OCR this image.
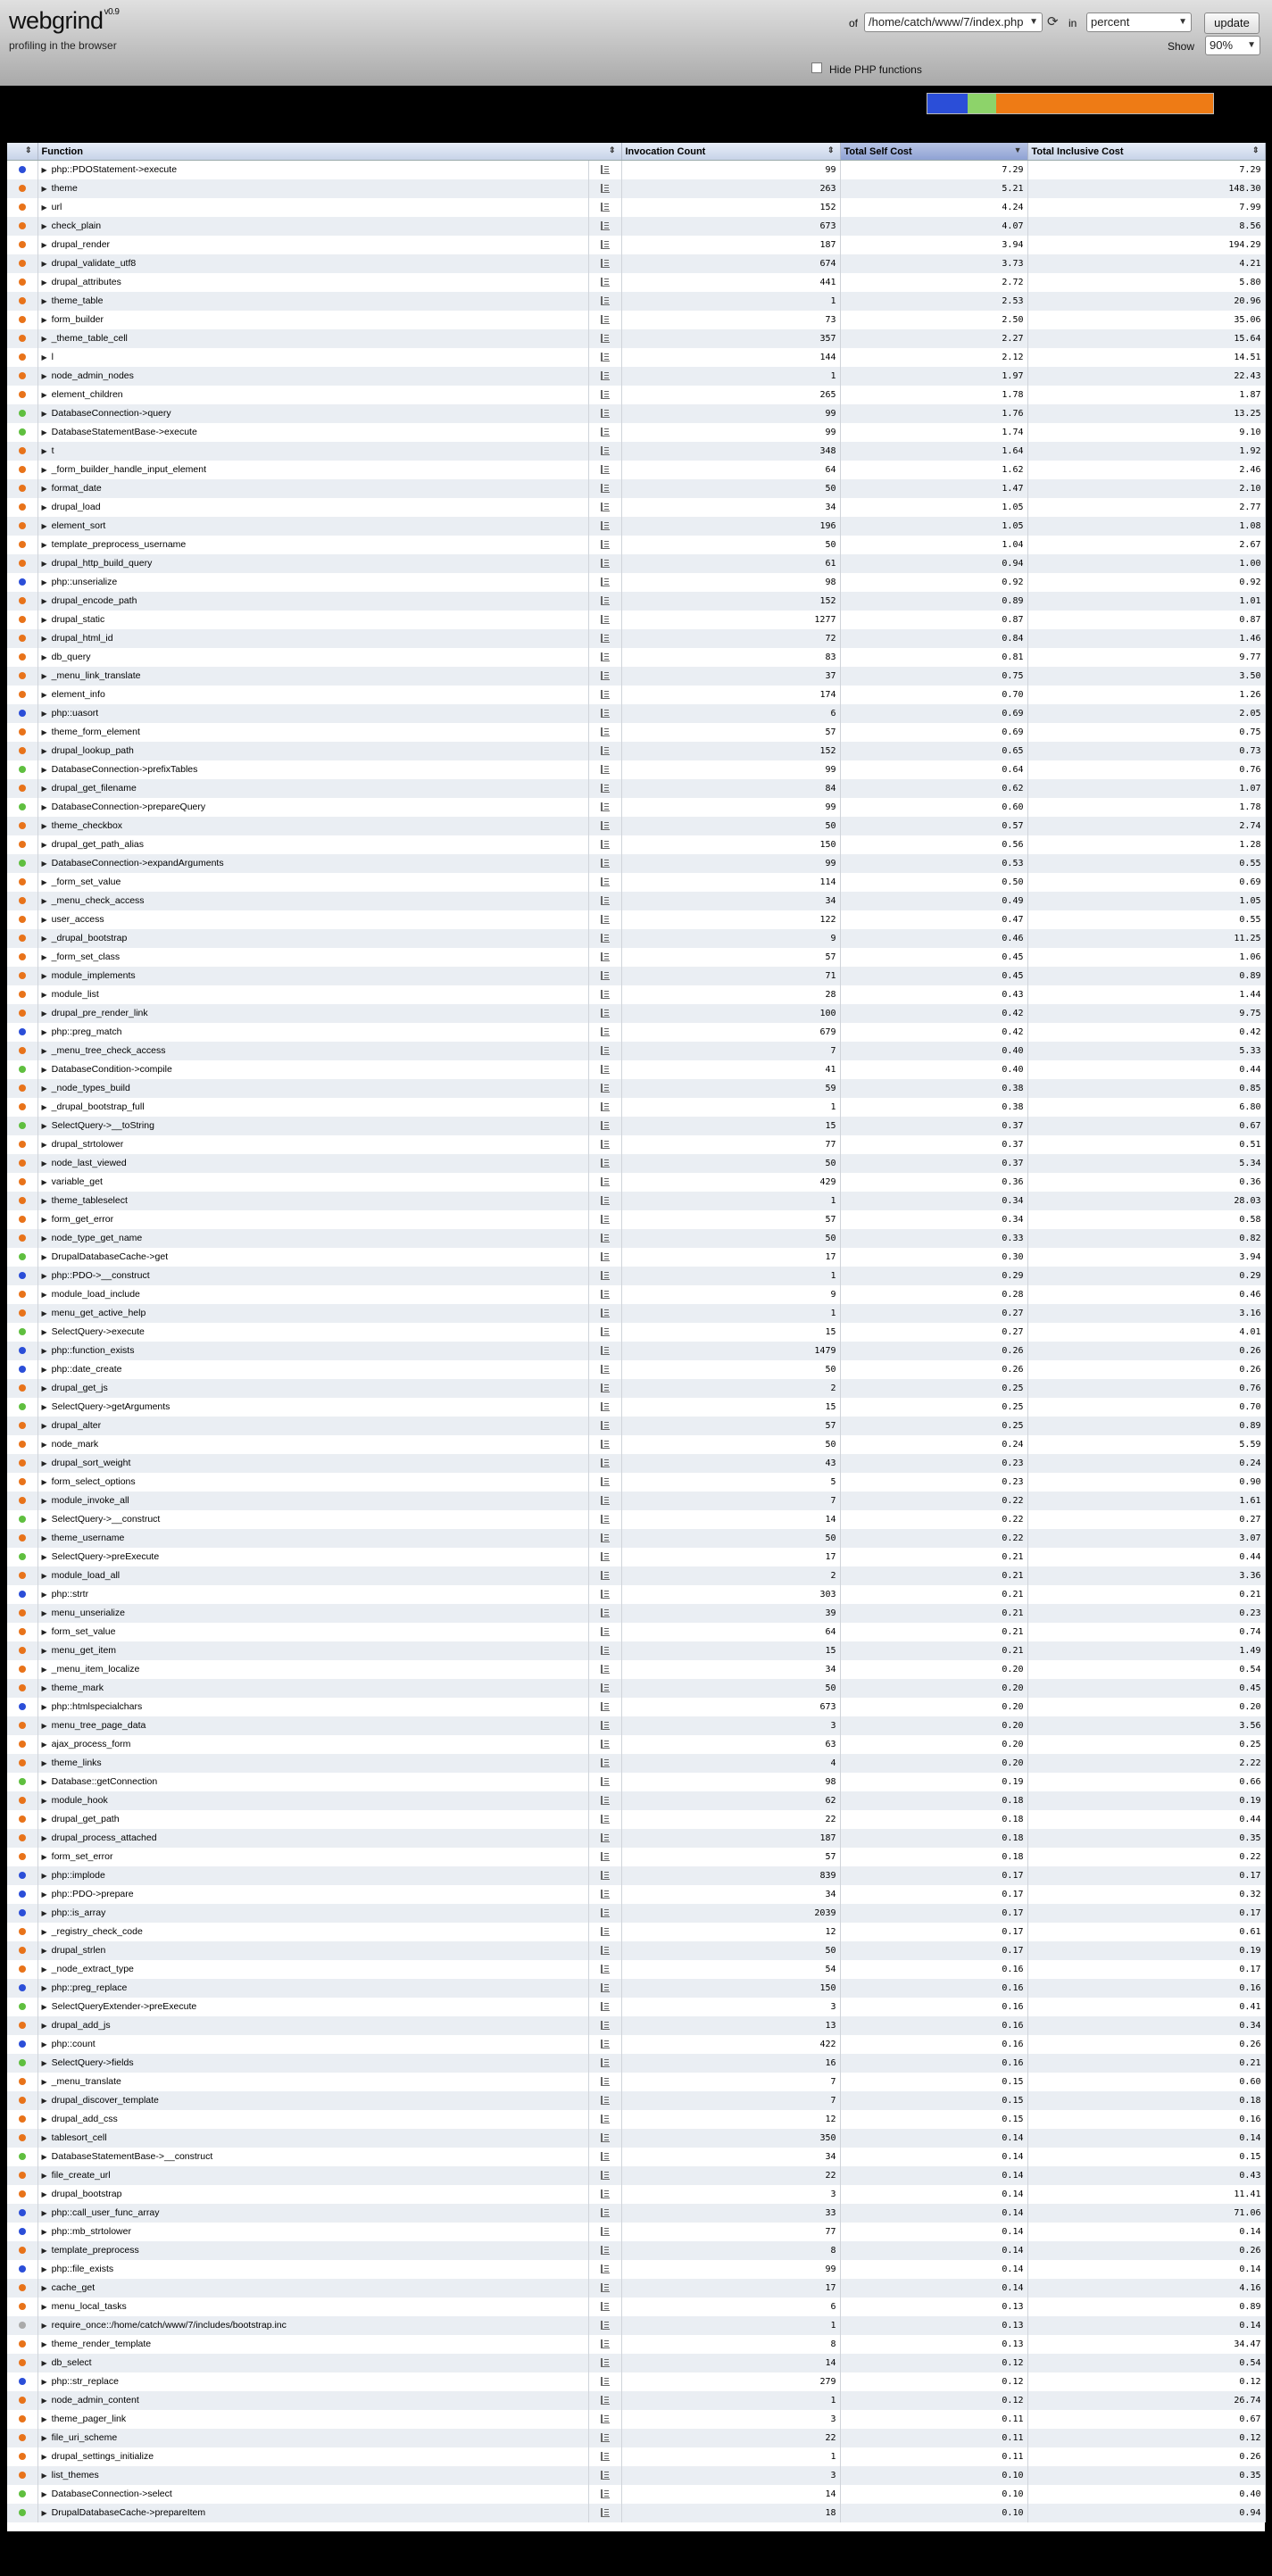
webgrind$^{v0.9}$
profiling in the browser
of /home/catch/www/7/index.php ▼ ⟳ in	percent	▼	update
Show	90% ▼
Hide PHP functions
⇕	Function ⇕		Invocation Count ⇕	Total Self Cost ▼	Total Inclusive Cost ⇕

	▶ php::PDOStatement->execute		99	7.29	7.29
	▶ theme		263	5.21	148.30
	▶ url		152	4.24	7.99
	▶ check_plain		673	4.07	8.56
	▶ drupal_render		187	3.94	194.29
	▶ drupal_validate_utf8		674	3.73	4.21
	▶ drupal_attributes		441	2.72	5.80
	▶ theme_table		1	2.53	20.96
	▶ form_builder		73	2.50	35.06
	▶ _theme_table_cell		357	2.27	15.64
	▶ l		144	2.12	14.51
	▶ node_admin_nodes		1	1.97	22.43
	▶ element_children		265	1.78	1.87
	▶ DatabaseConnection->query		99	1.76	13.25
	▶ DatabaseStatementBase->execute		99	1.74	9.10
	▶ t		348	1.64	1.92
	▶ _form_builder_handle_input_element		64	1.62	2.46
	▶ format_date		50	1.47	2.10
	▶ drupal_load		34	1.05	2.77
	▶ element_sort		196	1.05	1.08
	▶ template_preprocess_username		50	1.04	2.67
	▶ drupal_http_build_query		61	0.94	1.00
	▶ php::unserialize		98	0.92	0.92
	▶ drupal_encode_path		152	0.89	1.01
	▶ drupal_static		1277	0.87	0.87
	▶ drupal_html_id		72	0.84	1.46
	▶ db_query		83	0.81	9.77
	▶ _menu_link_translate		37	0.75	3.50
	▶ element_info		174	0.70	1.26
	▶ php::uasort		6	0.69	2.05
	▶ theme_form_element		57	0.69	0.75
	▶ drupal_lookup_path		152	0.65	0.73
	▶ DatabaseConnection->prefixTables		99	0.64	0.76
	▶ drupal_get_filename		84	0.62	1.07
	▶ DatabaseConnection->prepareQuery		99	0.60	1.78
	▶ theme_checkbox		50	0.57	2.74
	▶ drupal_get_path_alias		150	0.56	1.28
	▶ DatabaseConnection->expandArguments		99	0.53	0.55
	▶ _form_set_value		114	0.50	0.69
	▶ _menu_check_access		34	0.49	1.05
	▶ user_access		122	0.47	0.55
	▶ _drupal_bootstrap		9	0.46	11.25
	▶ _form_set_class		57	0.45	1.06
	▶ module_implements		71	0.45	0.89
	▶ module_list		28	0.43	1.44
	▶ drupal_pre_render_link		100	0.42	9.75
	▶ php::preg_match		679	0.42	0.42
	▶ _menu_tree_check_access		7	0.40	5.33
	▶ DatabaseCondition->compile		41	0.40	0.44
	▶ _node_types_build		59	0.38	0.85
	▶ _drupal_bootstrap_full		1	0.38	6.80
	▶ SelectQuery->__toString		15	0.37	0.67
	▶ drupal_strtolower		77	0.37	0.51
	▶ node_last_viewed		50	0.37	5.34
	▶ variable_get		429	0.36	0.36
	▶ theme_tableselect		1	0.34	28.03
	▶ form_get_error		57	0.34	0.58
	▶ node_type_get_name		50	0.33	0.82
	▶ DrupalDatabaseCache->get		17	0.30	3.94
	▶ php::PDO->__construct		1	0.29	0.29
	▶ module_load_include		9	0.28	0.46
	▶ menu_get_active_help		1	0.27	3.16
	▶ SelectQuery->execute		15	0.27	4.01
	▶ php::function_exists		1479	0.26	0.26
	▶ php::date_create		50	0.26	0.26
	▶ drupal_get_js		2	0.25	0.76
	▶ SelectQuery->getArguments		15	0.25	0.70
	▶ drupal_alter		57	0.25	0.89
	▶ node_mark		50	0.24	5.59
	▶ drupal_sort_weight		43	0.23	0.24
	▶ form_select_options		5	0.23	0.90
	▶ module_invoke_all		7	0.22	1.61
	▶ SelectQuery->__construct		14	0.22	0.27
	▶ theme_username		50	0.22	3.07
	▶ SelectQuery->preExecute		17	0.21	0.44
	▶ module_load_all		2	0.21	3.36
	▶ php::strtr		303	0.21	0.21
	▶ menu_unserialize		39	0.21	0.23
	▶ form_set_value		64	0.21	0.74
	▶ menu_get_item		15	0.21	1.49
	▶ _menu_item_localize		34	0.20	0.54
	▶ theme_mark		50	0.20	0.45
	▶ php::htmlspecialchars		673	0.20	0.20
	▶ menu_tree_page_data		3	0.20	3.56
	▶ ajax_process_form		63	0.20	0.25
	▶ theme_links		4	0.20	2.22
	▶ Database::getConnection		98	0.19	0.66
	▶ module_hook		62	0.18	0.19
	▶ drupal_get_path		22	0.18	0.44
	▶ drupal_process_attached		187	0.18	0.35
	▶ form_set_error		57	0.18	0.22
	▶ php::implode		839	0.17	0.17
	▶ php::PDO->prepare		34	0.17	0.32
	▶ php::is_array		2039	0.17	0.17
	▶ _registry_check_code		12	0.17	0.61
	▶ drupal_strlen		50	0.17	0.19
	▶ _node_extract_type		54	0.16	0.17
	▶ php::preg_replace		150	0.16	0.16
	▶ SelectQueryExtender->preExecute		3	0.16	0.41
	▶ drupal_add_js		13	0.16	0.34
	▶ php::count		422	0.16	0.26
	▶ SelectQuery->fields		16	0.16	0.21
	▶ _menu_translate		7	0.15	0.60
	▶ drupal_discover_template		7	0.15	0.18
	▶ drupal_add_css		12	0.15	0.16
	▶ tablesort_cell		350	0.14	0.14
	▶ DatabaseStatementBase->__construct		34	0.14	0.15
	▶ file_create_url		22	0.14	0.43
	▶ drupal_bootstrap		3	0.14	11.41
	▶ php::call_user_func_array		33	0.14	71.06
	▶ php::mb_strtolower		77	0.14	0.14
	▶ template_preprocess		8	0.14	0.26
	▶ php::file_exists		99	0.14	0.14
	▶ cache_get		17	0.14	4.16
	▶ menu_local_tasks		6	0.13	0.89
	▶ require_once::/home/catch/www/7/includes/bootstrap.inc		1	0.13	0.14
	▶ theme_render_template		8	0.13	34.47
	▶ db_select		14	0.12	0.54
	▶ php::str_replace		279	0.12	0.12
	▶ node_admin_content		1	0.12	26.74
	▶ theme_pager_link		3	0.11	0.67
	▶ file_uri_scheme		22	0.11	0.12
	▶ drupal_settings_initialize		1	0.11	0.26
	▶ list_themes		3	0.10	0.35
	▶ DatabaseConnection->select		14	0.10	0.40
	▶ DrupalDatabaseCache->prepareItem		18	0.10	0.94
